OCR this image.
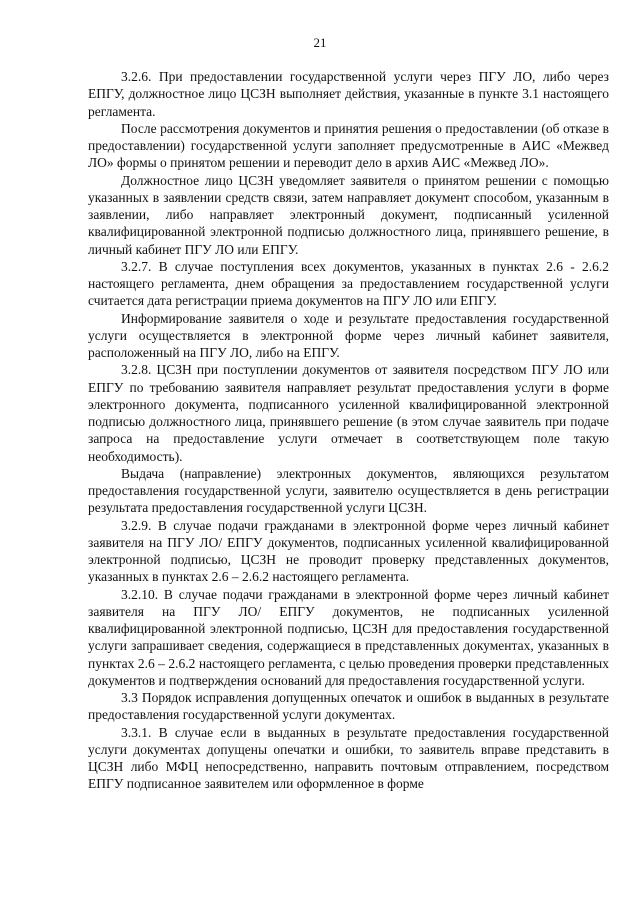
21

3.2.6. При предоставлении государственной услуги через ПГУ ЛО, либо через ЕПГУ, должностное лицо ЦСЗН выполняет действия, указанные в пункте 3.1 настоящего регламента.

После рассмотрения документов и принятия решения о предоставлении (об отказе в предоставлении) государственной услуги заполняет предусмотренные в АИС «Межвед ЛО» формы о принятом решении и переводит дело в архив АИС «Межвед ЛО».

Должностное лицо ЦСЗН уведомляет заявителя о принятом решении с помощью указанных в заявлении средств связи, затем направляет документ способом, указанным в заявлении, либо направляет электронный документ, подписанный усиленной квалифицированной электронной подписью должностного лица, принявшего решение, в личный кабинет ПГУ ЛО или ЕПГУ.

3.2.7. В случае поступления всех документов, указанных в пунктах 2.6 - 2.6.2 настоящего регламента, днем обращения за предоставлением государственной услуги считается дата регистрации приема документов на ПГУ ЛО или ЕПГУ.

Информирование заявителя о ходе и результате предоставления государственной услуги осуществляется в электронной форме через личный кабинет заявителя, расположенный на ПГУ ЛО, либо на ЕПГУ.

3.2.8. ЦСЗН при поступлении документов от заявителя посредством ПГУ ЛО или ЕПГУ по требованию заявителя направляет результат предоставления услуги в форме электронного документа, подписанного усиленной квалифицированной электронной подписью должностного лица, принявшего решение (в этом случае заявитель при подаче запроса на предоставление услуги отмечает в соответствующем поле такую необходимость).

Выдача (направление) электронных документов, являющихся результатом предоставления государственной услуги, заявителю осуществляется в день регистрации результата предоставления государственной услуги ЦСЗН.

3.2.9. В случае подачи гражданами в электронной форме через личный кабинет заявителя на ПГУ ЛО/ ЕПГУ документов, подписанных усиленной квалифицированной электронной подписью, ЦСЗН не проводит проверку представленных документов, указанных в пунктах 2.6 – 2.6.2 настоящего регламента.

3.2.10. В случае подачи гражданами в электронной форме через личный кабинет заявителя на ПГУ ЛО/ ЕПГУ документов, не подписанных усиленной квалифицированной электронной подписью, ЦСЗН для предоставления государственной услуги запрашивает сведения, содержащиеся в представленных документах, указанных в пунктах 2.6 – 2.6.2 настоящего регламента, с целью проведения проверки представленных документов и подтверждения оснований для предоставления государственной услуги.

3.3 Порядок исправления допущенных опечаток и ошибок в выданных в результате предоставления государственной услуги документах.

3.3.1. В случае если в выданных в результате предоставления государственной услуги документах допущены опечатки и ошибки, то заявитель вправе представить в ЦСЗН либо МФЦ непосредственно, направить почтовым отправлением, посредством ЕПГУ подписанное заявителем или оформленное в форме
